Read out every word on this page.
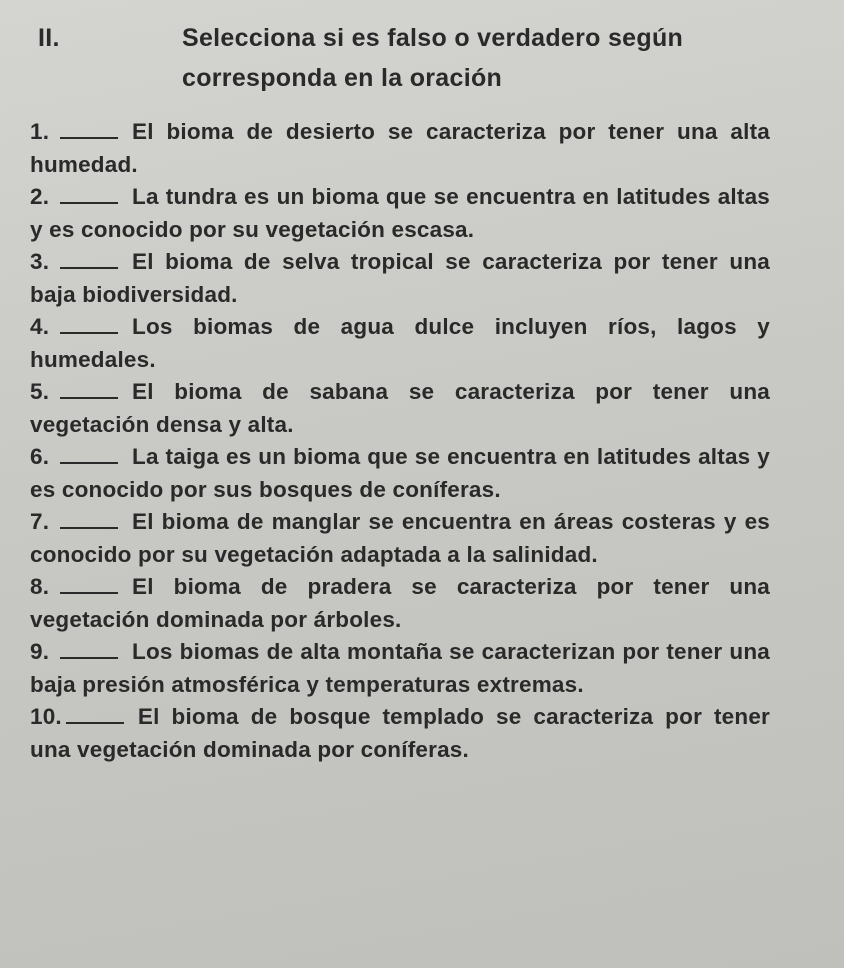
II.	Selecciona si es falso o verdadero según
corresponda en la oración

1.	El bioma de desierto se caracteriza por tener una alta humedad.

2.	La tundra es un bioma que se encuentra en latitudes altas y es conocido por su vegetación escasa.

3.	El bioma de selva tropical se caracteriza por tener una baja biodiversidad.

4.	Los biomas de agua dulce incluyen ríos, lagos y humedales.

5.	El bioma de sabana se caracteriza por tener una vegetación densa y alta.

6.	La taiga es un bioma que se encuentra en latitudes altas y es conocido por sus bosques de coníferas.

7.	El bioma de manglar se encuentra en áreas costeras y es conocido por su vegetación adaptada a la salinidad.

8.	El bioma de pradera se caracteriza por tener una vegetación dominada por árboles.

9.	Los biomas de alta montaña se caracterizan por tener una baja presión atmosférica y temperaturas extremas.

10.	El bioma de bosque templado se caracteriza por tener una vegetación dominada por coníferas.
